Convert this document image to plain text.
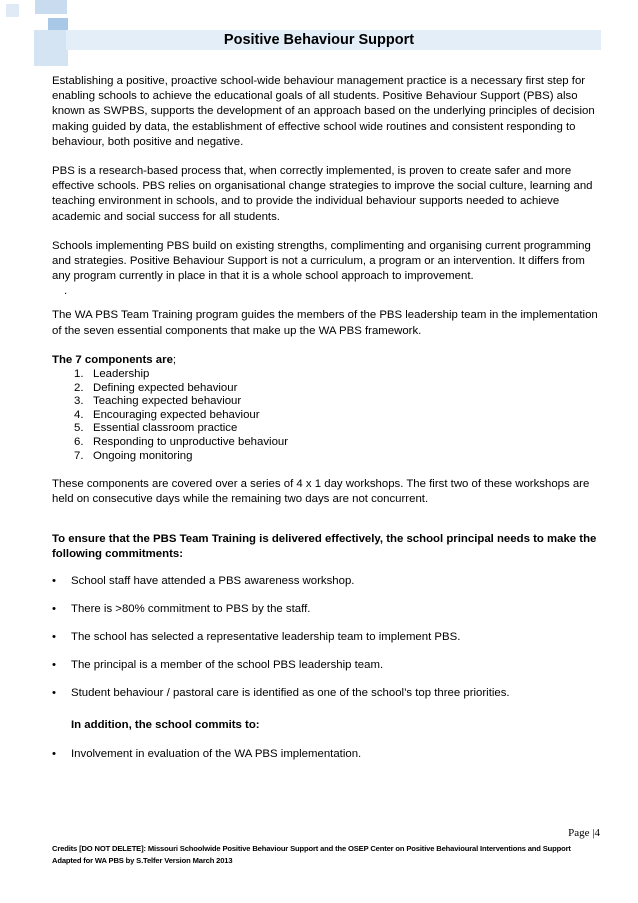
Positive Behaviour Support

Establishing a positive, proactive school-wide behaviour management practice is a necessary first step for enabling schools to achieve the educational goals of all students. Positive Behaviour Support (PBS) also known as SWPBS, supports the development of an approach based on the underlying principles of decision making guided by data, the establishment of effective school wide routines and consistent responding to behaviour, both positive and negative.

PBS is a research-based process that, when correctly implemented, is proven to create safer and more effective schools. PBS relies on organisational change strategies to improve the social culture, learning and teaching environment in schools, and to provide the individual behaviour supports needed to achieve academic and social success for all students.

Schools implementing PBS build on existing strengths, complimenting and organising current programming and strategies. Positive Behaviour Support is not a curriculum, a program or an intervention. It differs from any program currently in place in that it is a whole school approach to improvement.

.

The WA PBS Team Training program guides the members of the PBS leadership team in the implementation of the seven essential components that make up the WA PBS framework.

The 7 components are;

1. Leadership
2. Defining expected behaviour
3. Teaching expected behaviour
4. Encouraging expected behaviour
5. Essential classroom practice
6. Responding to unproductive behaviour
7. Ongoing monitoring

These components are covered over a series of 4 x 1 day workshops. The first two of these workshops are held on consecutive days while the remaining two days are not concurrent.

To ensure that the PBS Team Training is delivered effectively, the school principal needs to make the following commitments:

• School staff have attended a PBS awareness workshop.
• There is >80% commitment to PBS by the staff.
• The school has selected a representative leadership team to implement PBS.
• The principal is a member of the school PBS leadership team.
• Student behaviour / pastoral care is identified as one of the school’s top three priorities.

In addition, the school commits to:

• Involvement in evaluation of the WA PBS implementation.
Page |4
Credits [DO NOT DELETE]: Missouri Schoolwide Positive Behaviour Support and the OSEP Center on Positive Behavioural Interventions and Support
Adapted for WA PBS by S.Telfer Version March 2013
